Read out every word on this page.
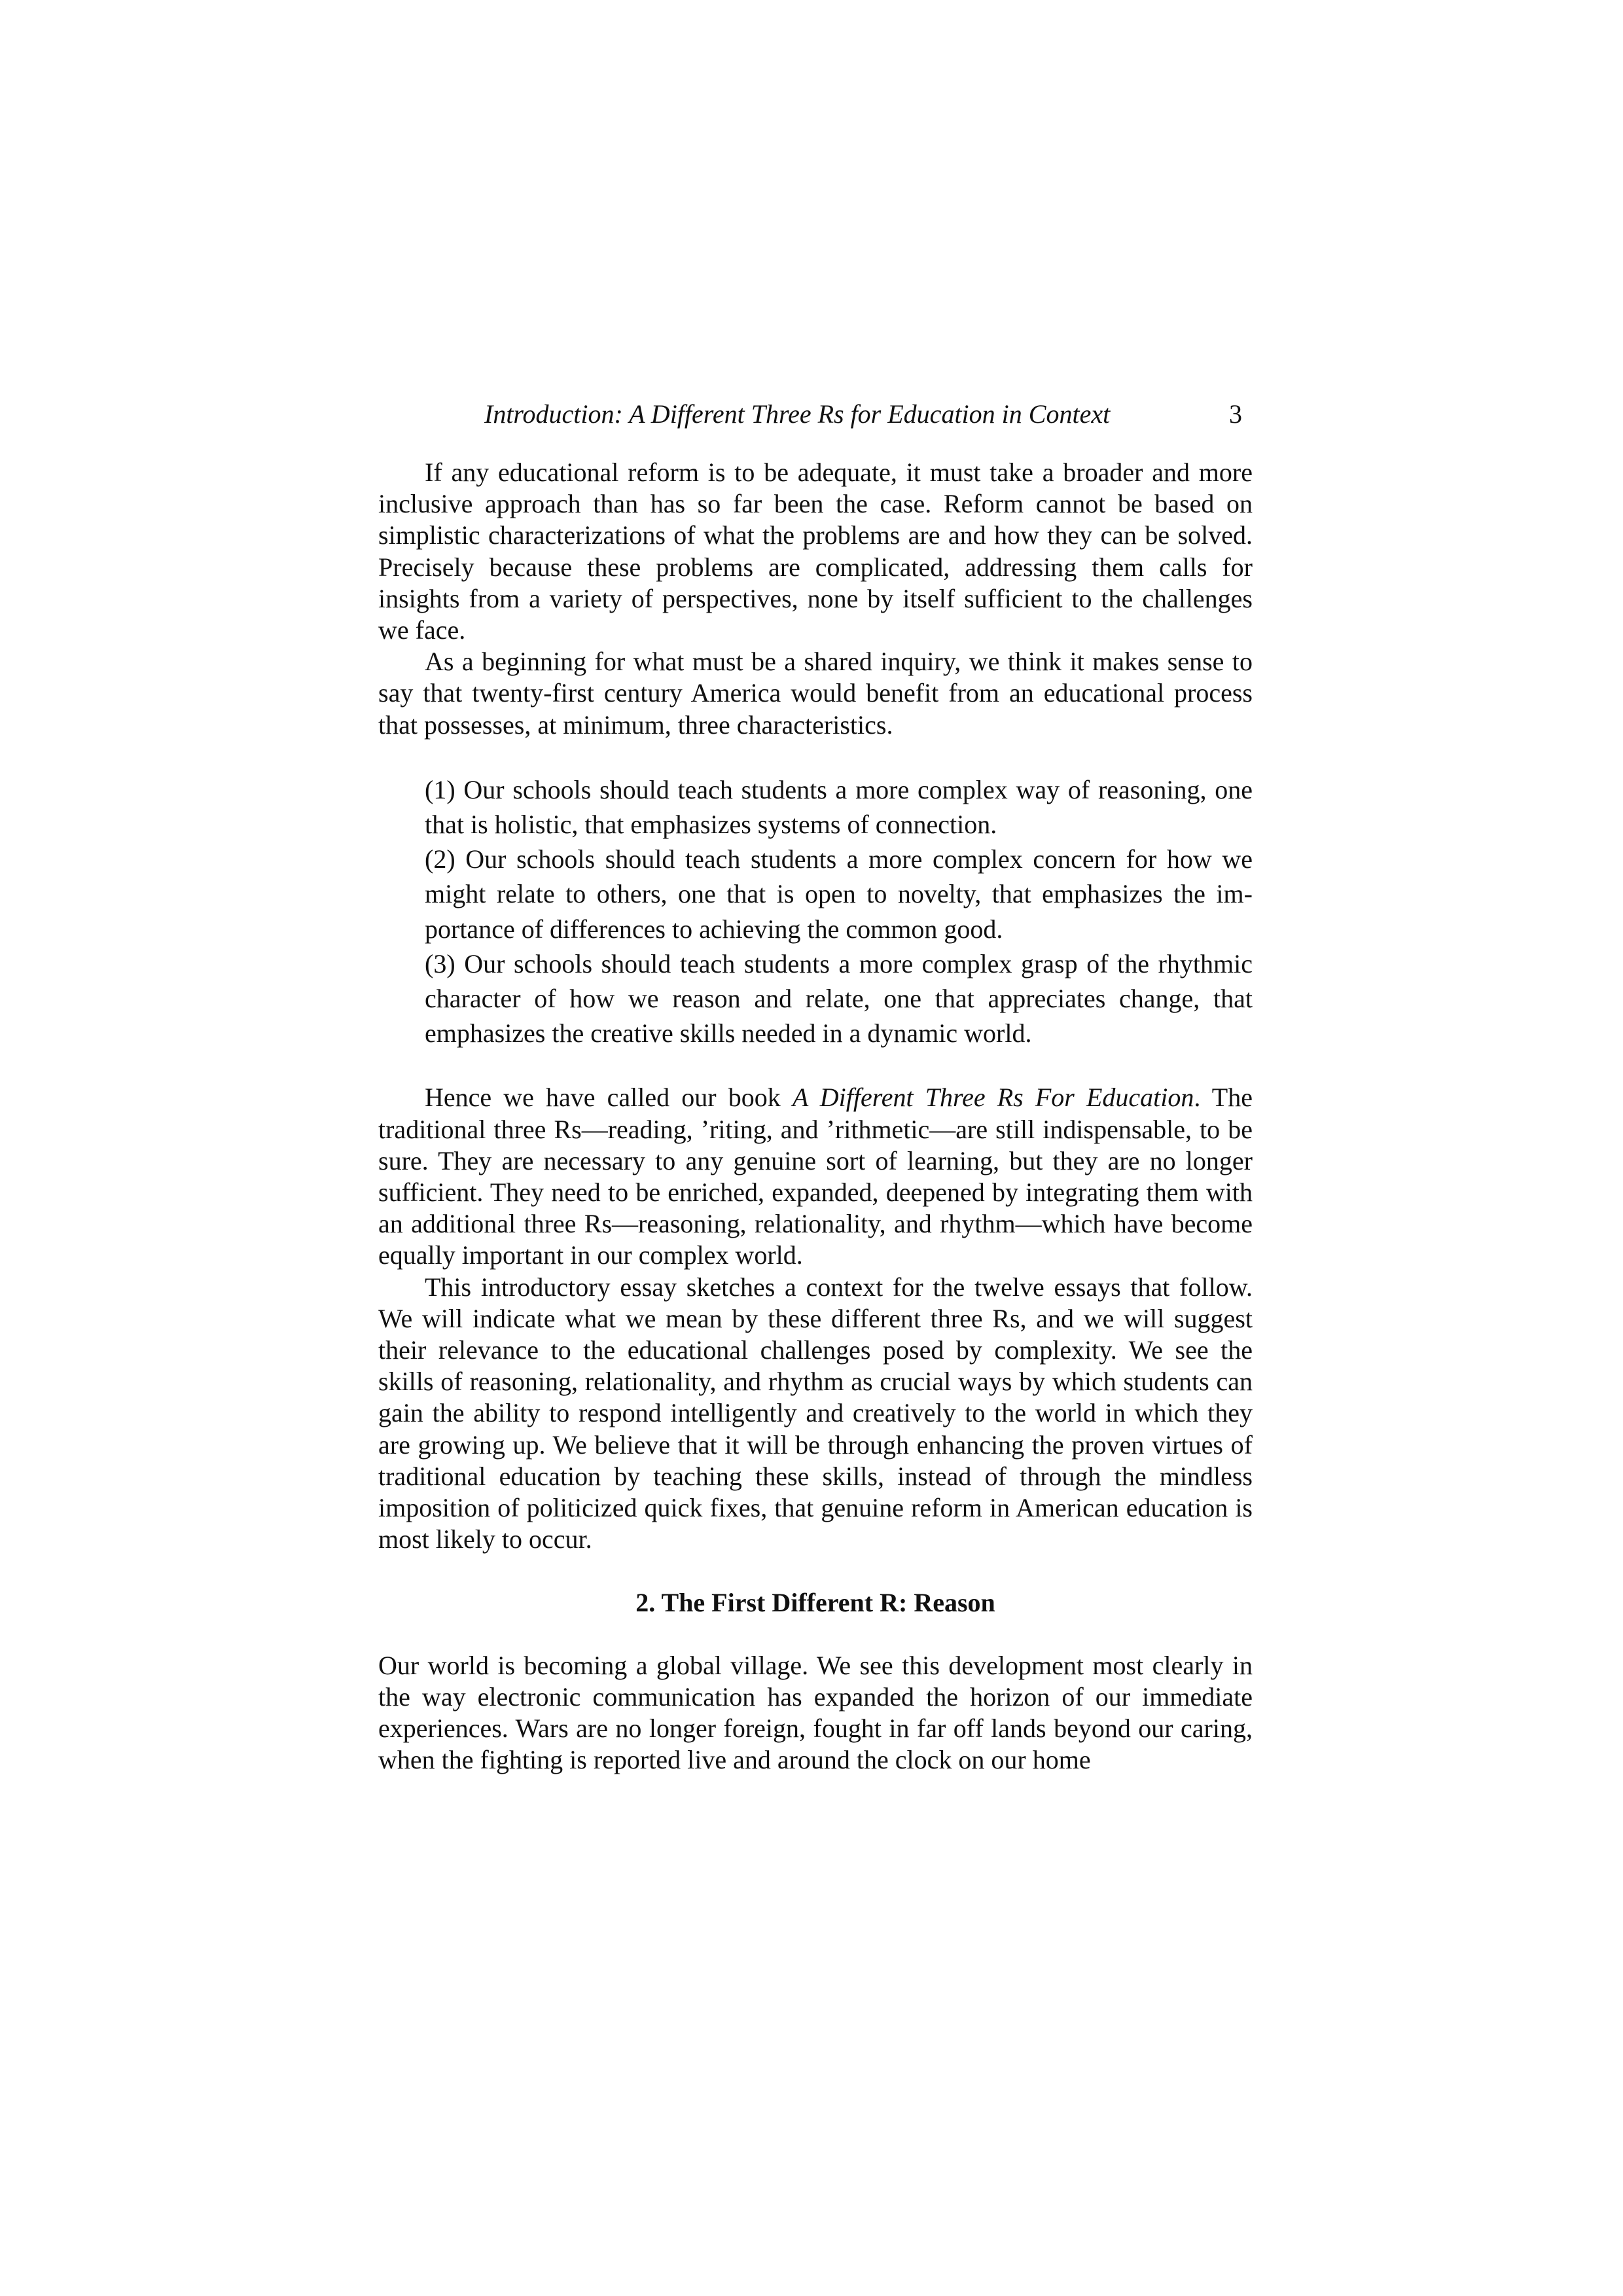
Introduction: A Different Three Rs for Education in Context	3

If any educational reform is to be adequate, it must take a broader and more inclusive approach than has so far been the case. Reform cannot be based on simplistic characterizations of what the problems are and how they can be solved. Precisely because these problems are complicated, addressing them calls for insights from a variety of perspectives, none by itself sufficient to the challenges we face.

As a beginning for what must be a shared inquiry, we think it makes sense to say that twenty-first century America would benefit from an educational process that possesses, at minimum, three characteristics.

(1) Our schools should teach students a more complex way of reasoning, one that is holistic, that emphasizes systems of connection.

(2) Our schools should teach students a more complex concern for how we might relate to others, one that is open to novelty, that emphasizes the importance of differences to achieving the common good.

(3) Our schools should teach students a more complex grasp of the rhythmic character of how we reason and relate, one that appreciates change, that emphasizes the creative skills needed in a dynamic world.

Hence we have called our book A Different Three Rs For Education. The traditional three Rs—reading, ’riting, and ’rithmetic—are still indispensable, to be sure. They are necessary to any genuine sort of learning, but they are no longer sufficient. They need to be enriched, expanded, deepened by integrating them with an additional three Rs—reasoning, relationality, and rhythm—which have become equally important in our complex world.

This introductory essay sketches a context for the twelve essays that follow. We will indicate what we mean by these different three Rs, and we will suggest their relevance to the educational challenges posed by complexity. We see the skills of reasoning, relationality, and rhythm as crucial ways by which students can gain the ability to respond intelligently and creatively to the world in which they are growing up. We believe that it will be through enhancing the proven virtues of traditional education by teaching these skills, instead of through the mindless imposition of politicized quick fixes, that genuine reform in American education is most likely to occur.

2. The First Different R: Reason

Our world is becoming a global village. We see this development most clearly in the way electronic communication has expanded the horizon of our immediate experiences. Wars are no longer foreign, fought in far off lands beyond our caring, when the fighting is reported live and around the clock on our home
